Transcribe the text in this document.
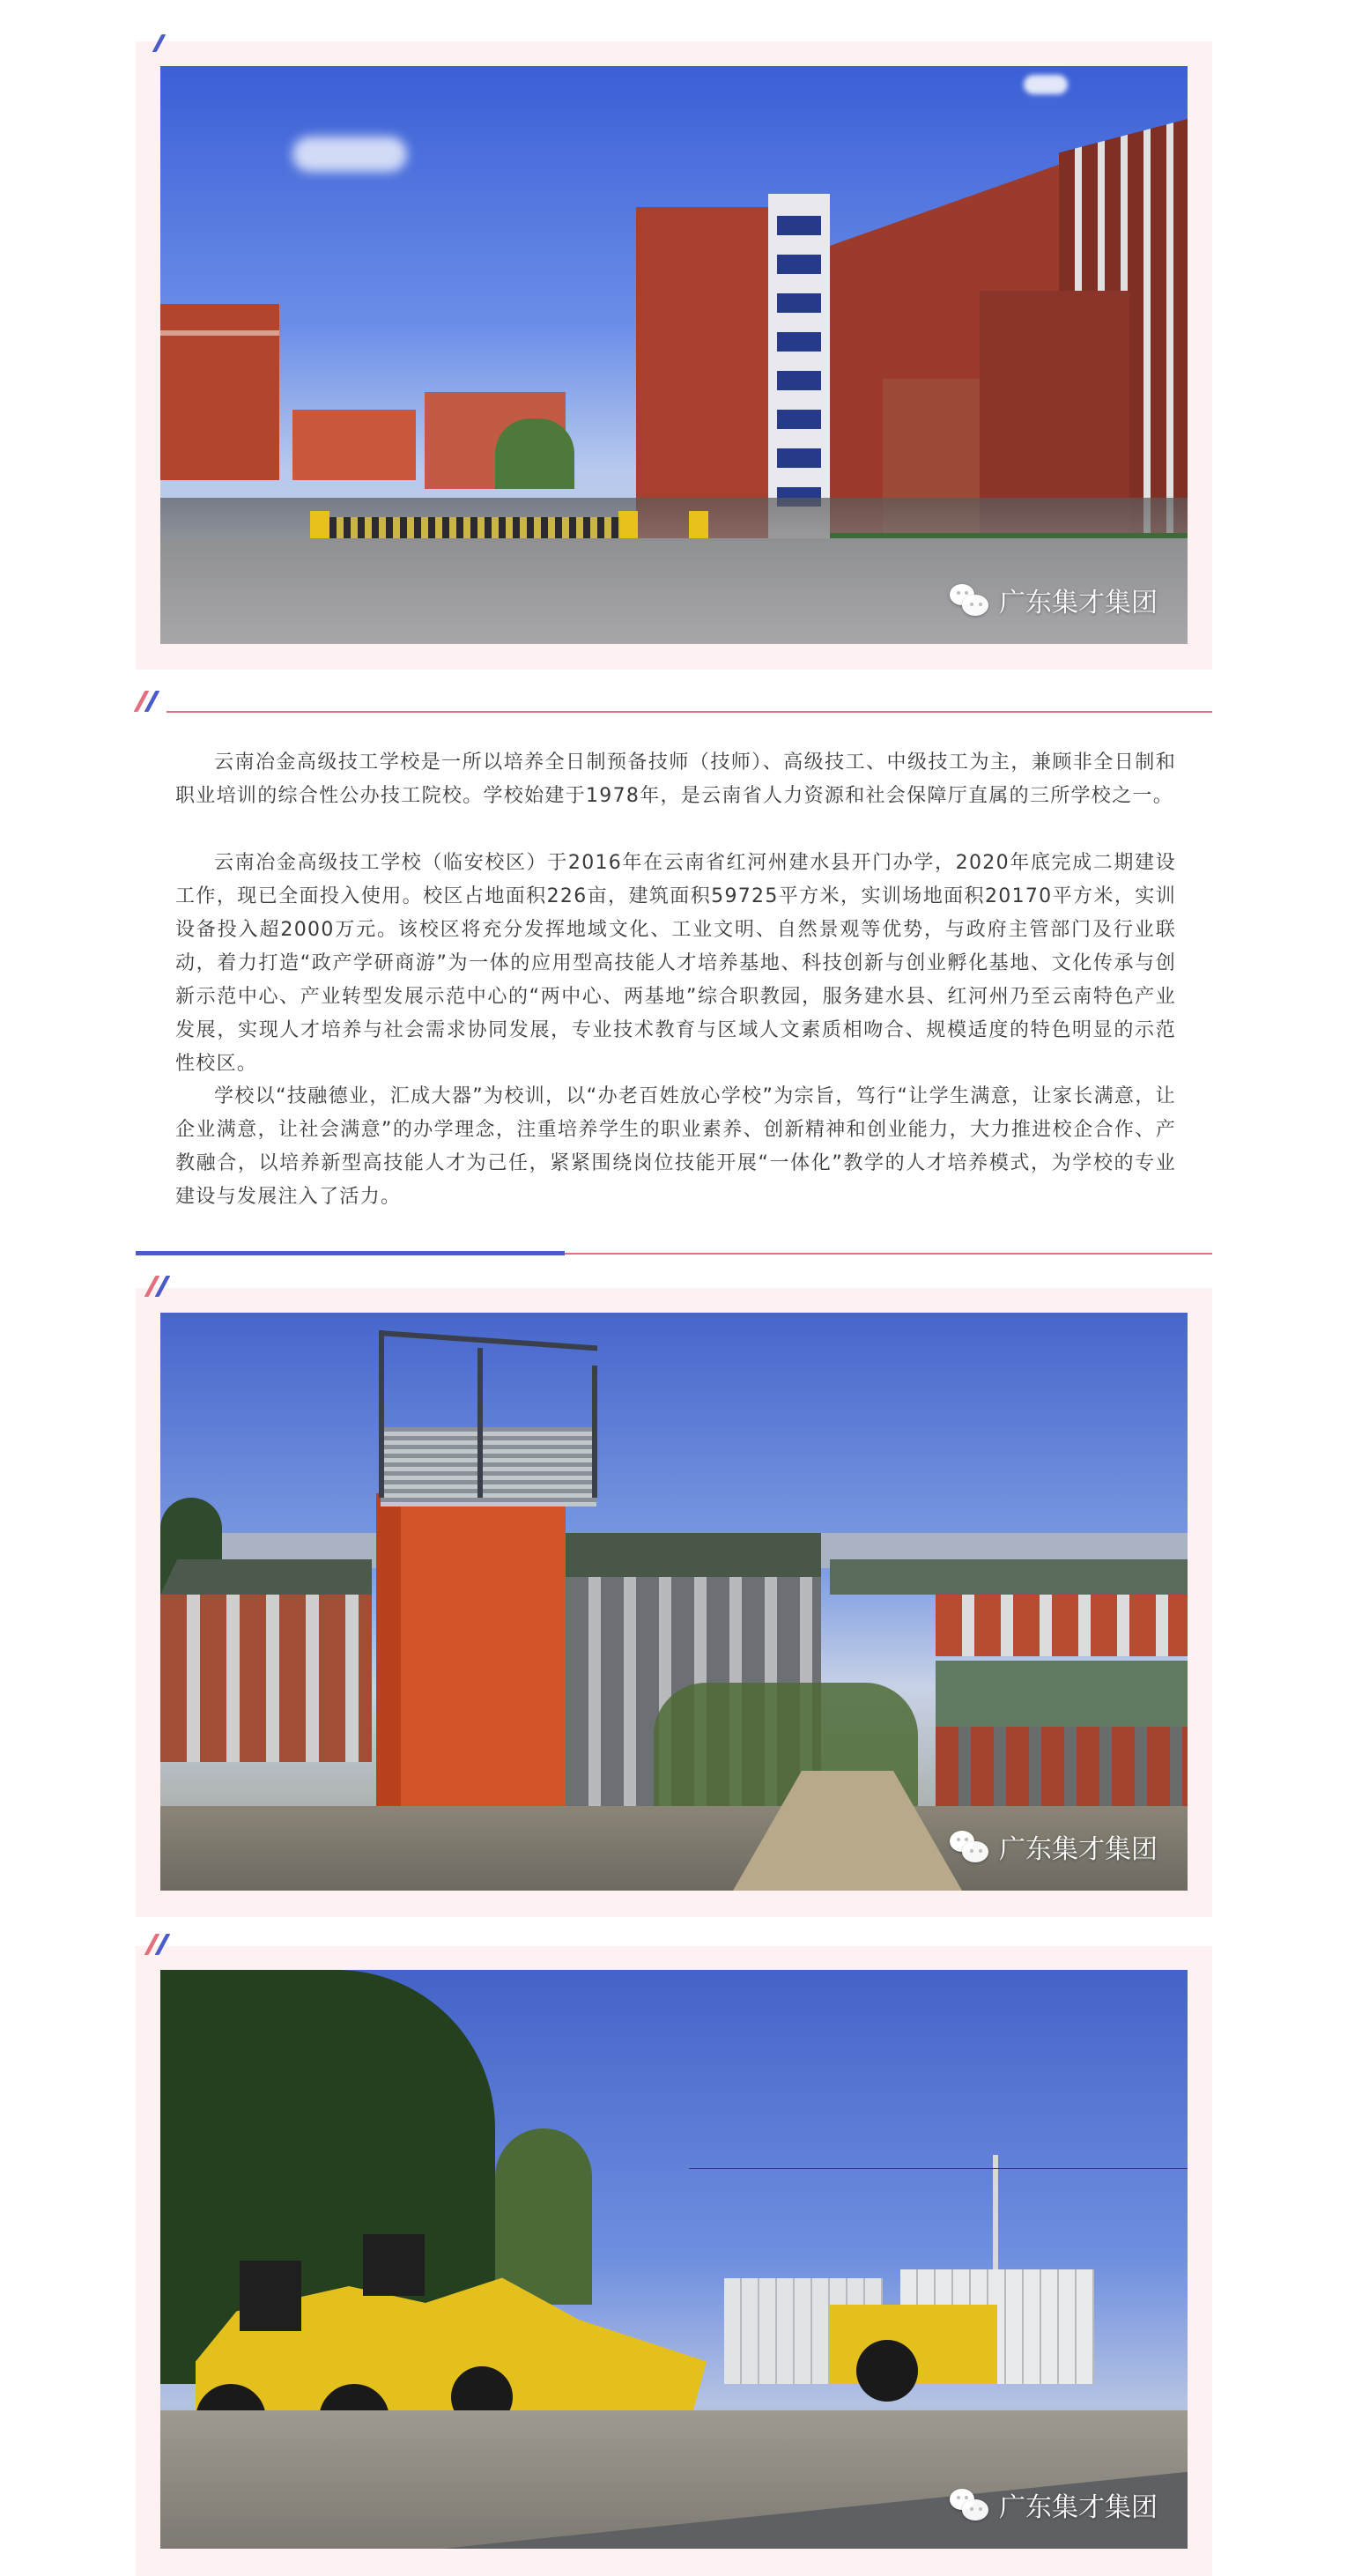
广东集才集团

云南冶金高级技工学校是一所以培养全日制预备技师（技师）、高级技工、中级技工为主，兼顾非全日制和职业培训的综合性公办技工院校。学校始建于1978年，是云南省人力资源和社会保障厅直属的三所学校之一。

云南冶金高级技工学校（临安校区）于2016年在云南省红河州建水县开门办学，2020年底完成二期建设工作，现已全面投入使用。校区占地面积226亩，建筑面积59725平方米，实训场地面积20170平方米，实训设备投入超2000万元。该校区将充分发挥地域文化、工业文明、自然景观等优势，与政府主管部门及行业联动，着力打造“政产学研商游”为一体的应用型高技能人才培养基地、科技创新与创业孵化基地、文化传承与创新示范中心、产业转型发展示范中心的“两中心、两基地”综合职教园，服务建水县、红河州乃至云南特色产业发展，实现人才培养与社会需求协同发展，专业技术教育与区域人文素质相吻合、规模适度的特色明显的示范性校区。

学校以“技融德业，汇成大器”为校训，以“办老百姓放心学校”为宗旨，笃行“让学生满意，让家长满意，让企业满意，让社会满意”的办学理念，注重培养学生的职业素养、创新精神和创业能力，大力推进校企合作、产教融合，以培养新型高技能人才为己任，紧紧围绕岗位技能开展“一体化”教学的人才培养模式，为学校的专业建设与发展注入了活力。

广东集才集团
广东集才集团
